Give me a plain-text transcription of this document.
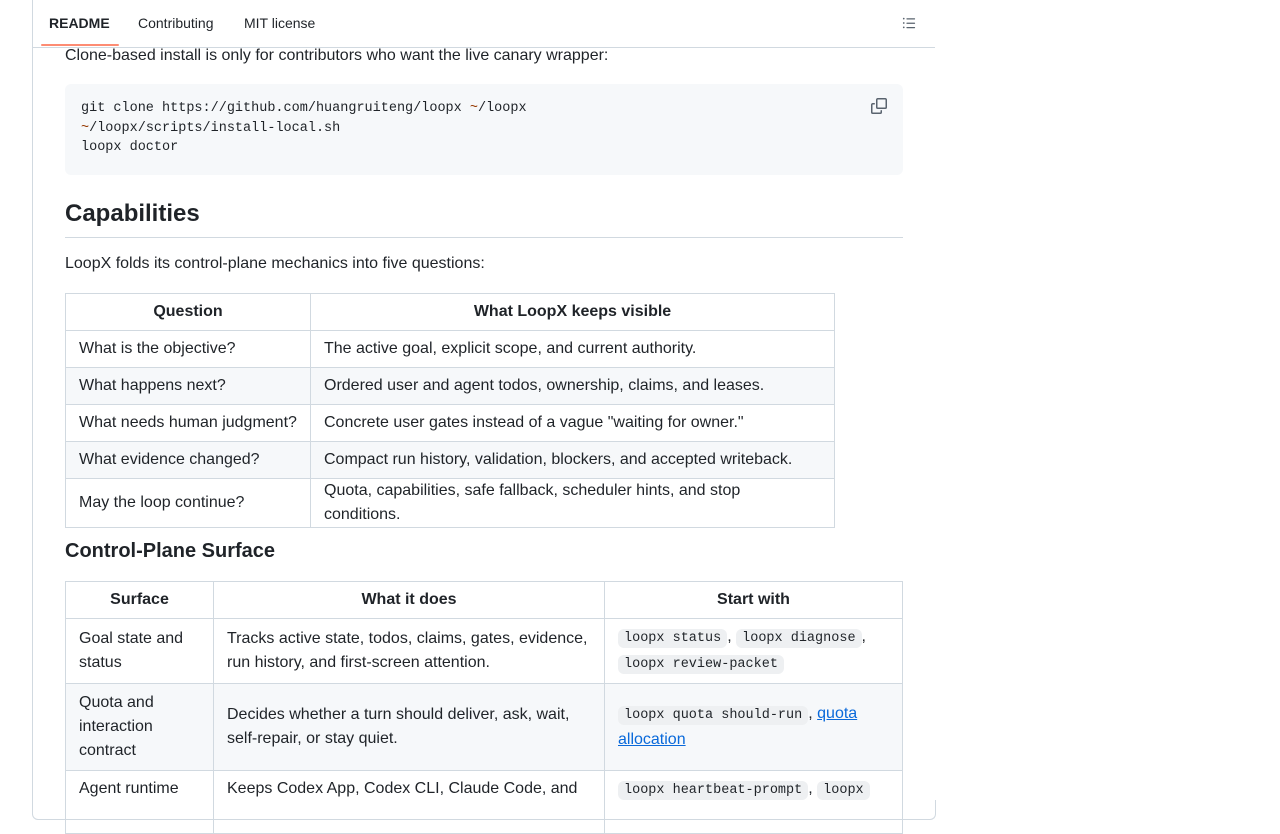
README Contributing MIT license

Clone-based install is only for contributors who want the live canary wrapper:

git clone https://github.com/huangruiteng/loopx ~/loopx
~/loopx/scripts/install-local.sh
loopx doctor
Capabilities

LoopX folds its control-plane mechanics into five questions:

Question	What LoopX keeps visible
What is the objective?	The active goal, explicit scope, and current authority.
What happens next?	Ordered user and agent todos, ownership, claims, and leases.
What needs human judgment?	Concrete user gates instead of a vague "waiting for owner."
What evidence changed?	Compact run history, validation, blockers, and accepted writeback.
May the loop continue?	Quota, capabilities, safe fallback, scheduler hints, and stop conditions.
Control-Plane Surface
Surface	What it does	Start with
Goal state and status	Tracks active state, todos, claims, gates, evidence, run history, and first-screen attention.	loopx status , loopx diagnose , loopx review-packet
Quota and interaction contract	Decides whether a turn should deliver, ask, wait, self-repair, or stay quiet.	loopx quota should-run , quota allocation
Agent runtime	Keeps Codex App, Codex CLI, Claude Code, and	loopx heartbeat-prompt , loopx
